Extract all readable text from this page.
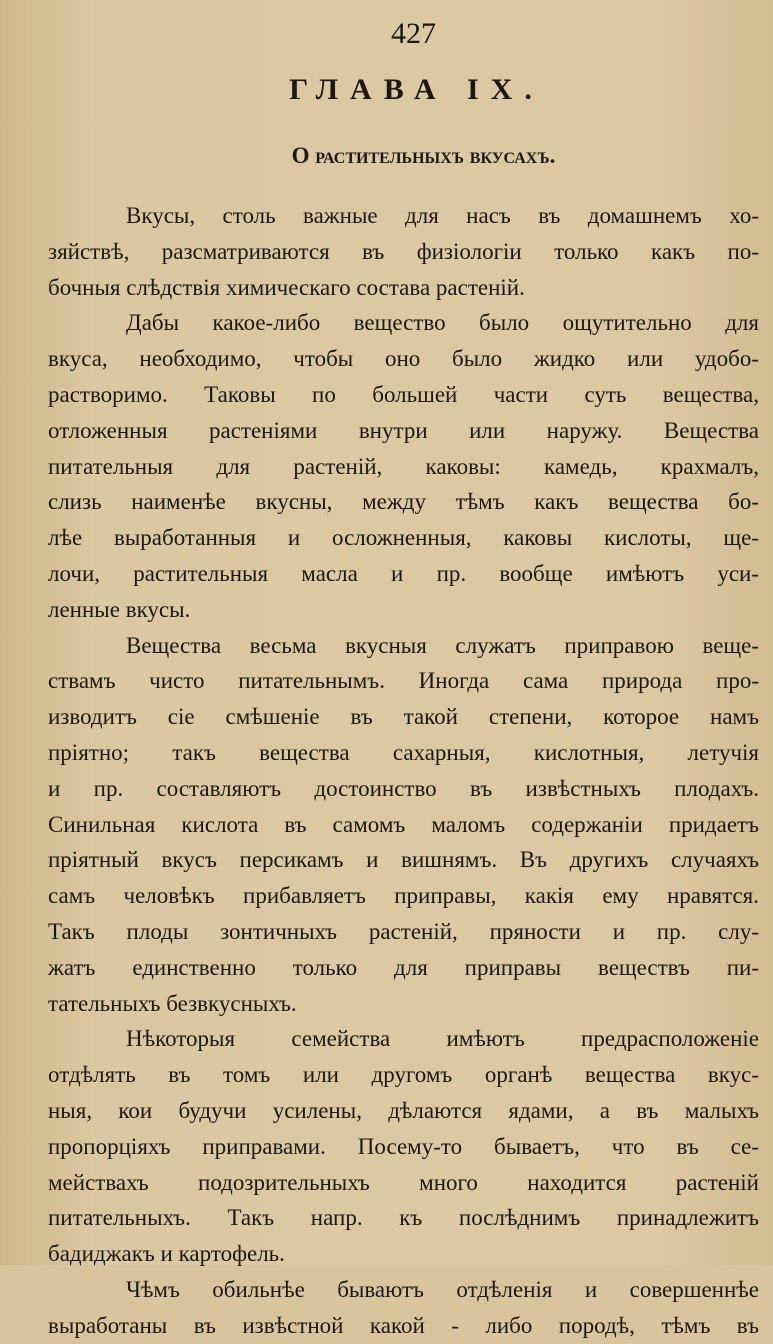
427
ГЛАВА IX.
О растительныхъ вкусахъ.
Вкусы, столь важные для насъ въ домашнемъ хо-
зяйствѣ, разсматриваются въ физіологіи только какъ по-
бочныя слѣдствія химическаго состава растеній.
Дабы какое-либо вещество было ощутительно для
вкуса, необходимо, чтобы оно было жидко или удобо-
растворимо. Таковы по большей части суть вещества,
отложенныя растеніями внутри или наружу. Вещества
питательныя для растеній, каковы: камедь, крахмалъ,
слизь наименѣе вкусны, между тѣмъ какъ вещества бо-
лѣе выработанныя и осложненныя, каковы кислоты, ще-
лочи, растительныя масла и пр. вообще имѣютъ уси-
ленные вкусы.
Вещества весьма вкусныя служатъ приправою веще-
ствамъ чисто питательнымъ. Иногда сама природа про-
изводитъ сіе смѣшеніе въ такой степени, которое намъ
пріятно; такъ вещества сахарныя, кислотныя, летучія
и пр. составляютъ достоинство въ извѣстныхъ плодахъ.
Синильная кислота въ самомъ маломъ содержаніи придаетъ
пріятный вкусъ персикамъ и вишнямъ. Въ другихъ случаяхъ
самъ человѣкъ прибавляетъ приправы, какія ему нравятся.
Такъ плоды зонтичныхъ растеній, пряности и пр. слу-
жатъ единственно только для приправы веществъ пи-
тательныхъ безвкусныхъ.
Нѣкоторыя семейства имѣютъ предрасположеніе
отдѣлять въ томъ или другомъ органѣ вещества вкус-
ныя, кои будучи усилены, дѣлаются ядами, а въ малыхъ
пропорціяхъ приправами. Посему-то бываетъ, что въ се-
мействахъ подозрительныхъ много находится растеній
питательныхъ. Такъ напр. къ послѣднимъ принадлежитъ
бадиджакъ и картофель.
Чѣмъ обильнѣе бываютъ отдѣленія и совершеннѣе
выработаны въ извѣстной какой - либо породѣ, тѣмъ въ
